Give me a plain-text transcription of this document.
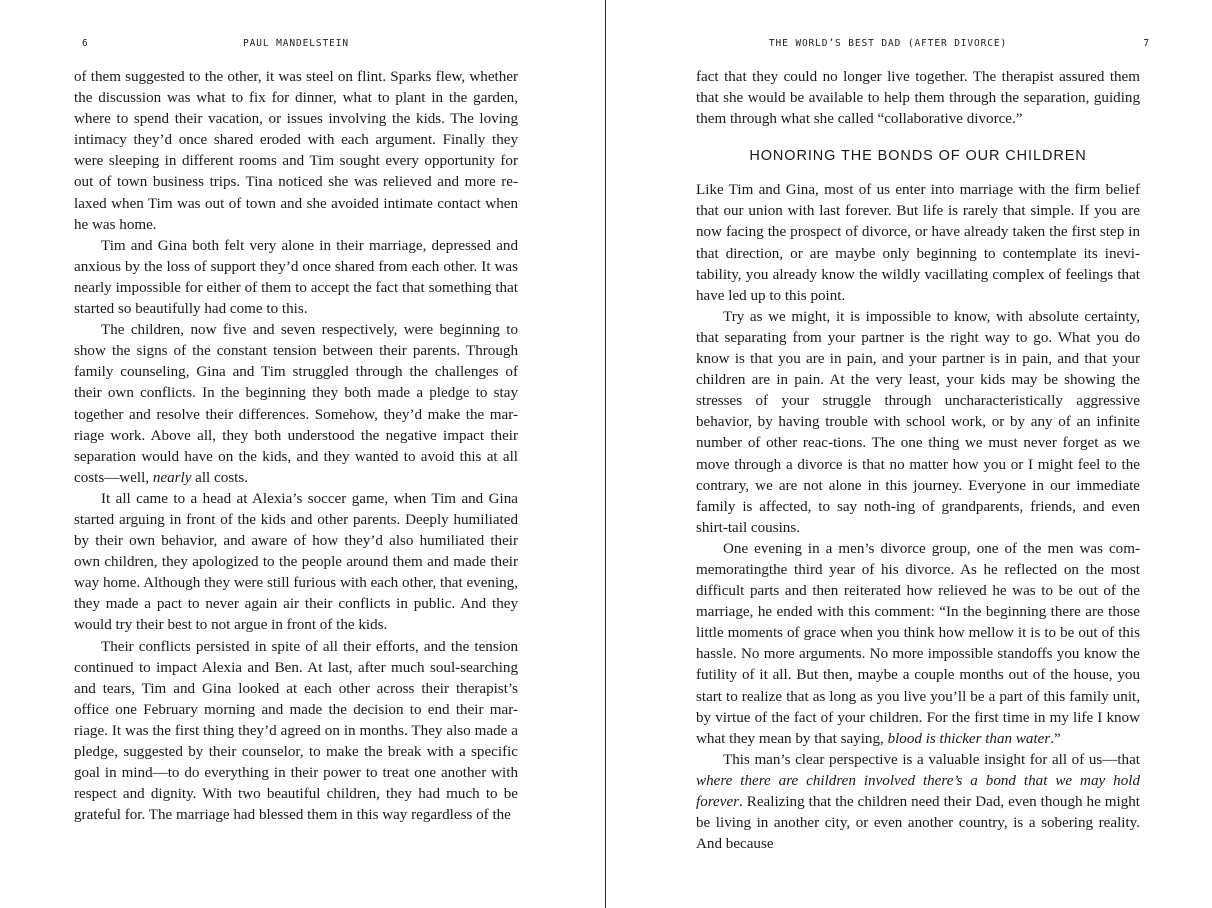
6	PAUL MANDELSTEIN

of them suggested to the other, it was steel on flint. Sparks flew, whether the discussion was what to fix for dinner, what to plant in the garden, where to spend their vacation, or issues involving the kids. The loving intimacy they’d once shared eroded with each argument. Finally they were sleeping in different rooms and Tim sought every opportunity for out of town business trips. Tina noticed she was relieved and more re-laxed when Tim was out of town and she avoided intimate contact when he was home.

Tim and Gina both felt very alone in their marriage, depressed and anxious by the loss of support they’d once shared from each other. It was nearly impossible for either of them to accept the fact that something that started so beautifully had come to this.

The children, now five and seven respectively, were beginning to show the signs of the constant tension between their parents. Through family counseling, Gina and Tim struggled through the challenges of their own conflicts. In the beginning they both made a pledge to stay together and resolve their differences. Somehow, they’d make the mar-riage work. Above all, they both understood the negative impact their separation would have on the kids, and they wanted to avoid this at all costs—well, nearly all costs.

It all came to a head at Alexia’s soccer game, when Tim and Gina started arguing in front of the kids and other parents. Deeply humiliated by their own behavior, and aware of how they’d also humiliated their own children, they apologized to the people around them and made their way home. Although they were still furious with each other, that evening, they made a pact to never again air their conflicts in public. And they would try their best to not argue in front of the kids.

Their conflicts persisted in spite of all their efforts, and the tension continued to impact Alexia and Ben. At last, after much soul-searching and tears, Tim and Gina looked at each other across their therapist’s office one February morning and made the decision to end their mar-riage. It was the first thing they’d agreed on in months. They also made a pledge, suggested by their counselor, to make the break with a specific goal in mind—to do everything in their power to treat one another with respect and dignity. With two beautiful children, they had much to be grateful for. The marriage had blessed them in this way regardless of the

THE WORLD’S BEST DAD (AFTER DIVORCE)	7

fact that they could no longer live together. The therapist assured them that she would be available to help them through the separation, guiding them through what she called “collaborative divorce.”

HONORING THE BONDS OF OUR CHILDREN

Like Tim and Gina, most of us enter into marriage with the firm belief that our union with last forever. But life is rarely that simple. If you are now facing the prospect of divorce, or have already taken the first step in that direction, or are maybe only beginning to contemplate its inevi-tability, you already know the wildly vacillating complex of feelings that have led up to this point.

Try as we might, it is impossible to know, with absolute certainty, that separating from your partner is the right way to go. What you do know is that you are in pain, and your partner is in pain, and that your children are in pain. At the very least, your kids may be showing the stresses of your struggle through uncharacteristically aggressive behavior, by having trouble with school work, or by any of an infinite number of other reac-tions. The one thing we must never forget as we move through a divorce is that no matter how you or I might feel to the contrary, we are not alone in this journey. Everyone in our immediate family is affected, to say noth-ing of grandparents, friends, and even shirt-tail cousins.

One evening in a men’s divorce group, one of the men was com-memoratingthe third year of his divorce. As he reflected on the most difficult parts and then reiterated how relieved he was to be out of the marriage, he ended with this comment: “In the beginning there are those little moments of grace when you think how mellow it is to be out of this hassle. No more arguments. No more impossible standoffs you know the futility of it all. But then, maybe a couple months out of the house, you start to realize that as long as you live you’ll be a part of this family unit, by virtue of the fact of your children. For the first time in my life I know what they mean by that saying, blood is thicker than water.”

This man’s clear perspective is a valuable insight for all of us—that where there are children involved there’s a bond that we may hold forever. Realizing that the children need their Dad, even though he might be living in another city, or even another country, is a sobering reality. And because
